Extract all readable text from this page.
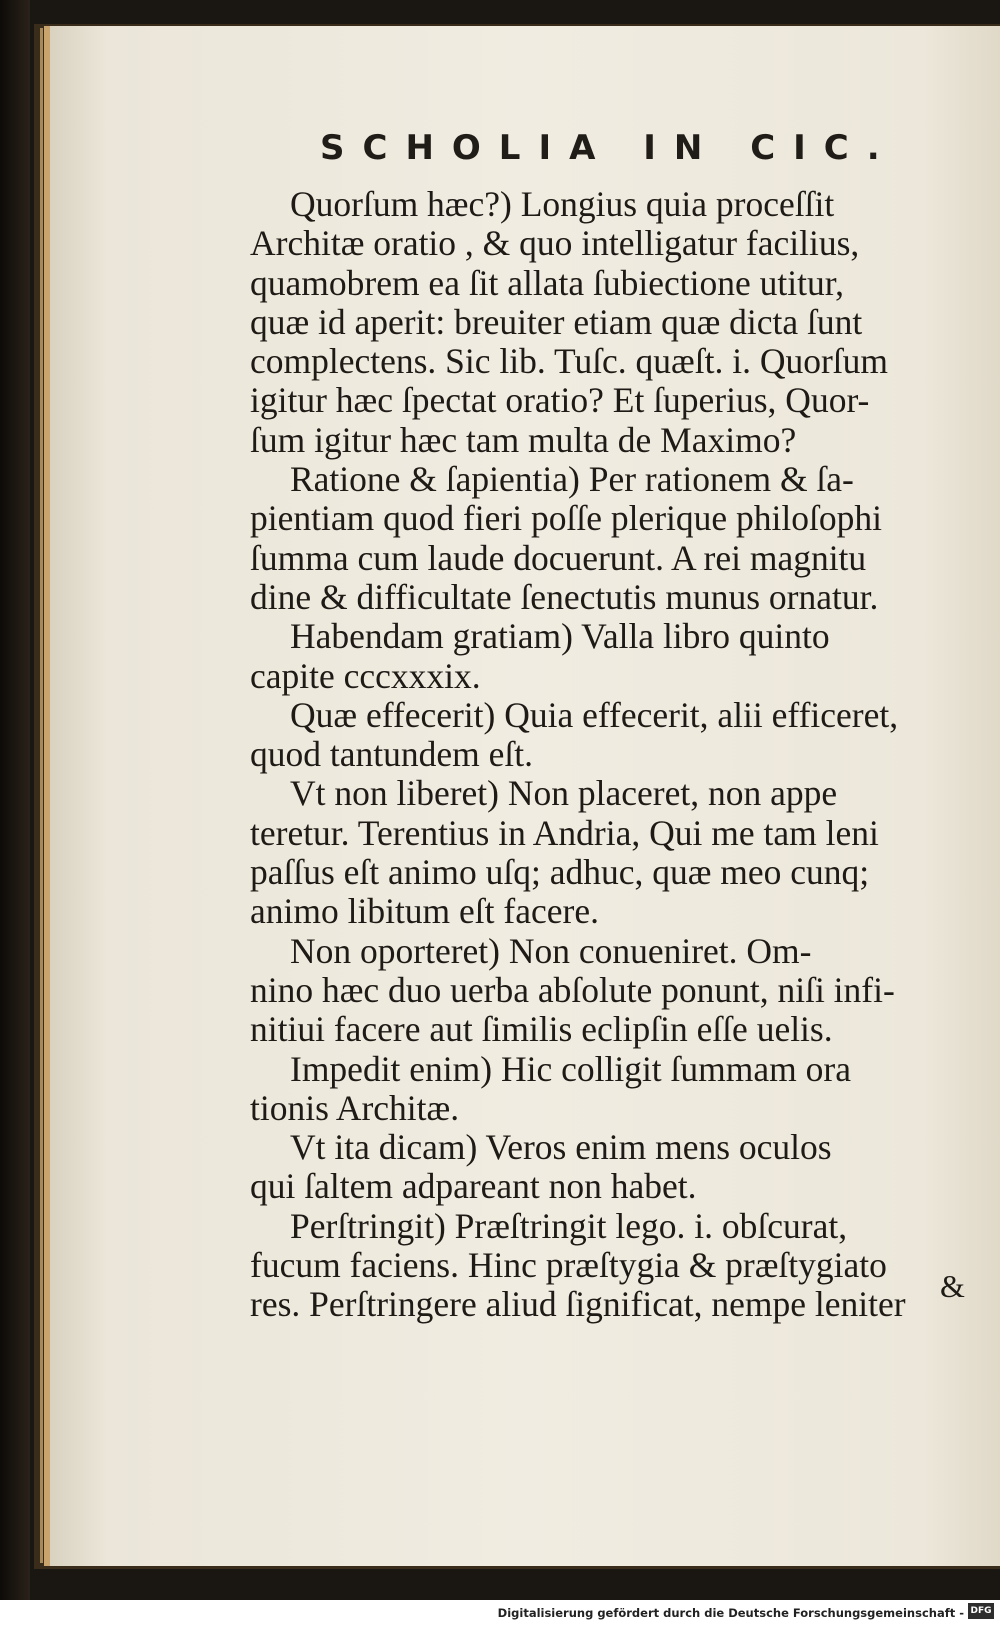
SCHOLIA IN CIC.
Quorſum hæc?) Longius quia proceſſit
Architæ oratio , & quo intelligatur facilius,
quamobrem ea ſit allata ſubiectione utitur,
quæ id aperit: breuiter etiam quæ dicta ſunt
complectens. Sic lib. Tuſc. quæſt. i. Quorſum
igitur hæc ſpectat oratio? Et ſuperius, Quor-
ſum igitur hæc tam multa de Maximo?
Ratione & ſapientia) Per rationem & ſa-
pientiam quod fieri poſſe plerique philoſophi
ſumma cum laude docuerunt. A rei magnitu
dine & difficultate ſenectutis munus ornatur.
Habendam gratiam) Valla libro quinto
capite cccxxxix.
Quæ effecerit) Quia effecerit, alii efficeret,
quod tantundem eſt.
Vt non liberet) Non placeret, non appe
teretur. Terentius in Andria, Qui me tam leni
paſſus eſt animo uſq; adhuc, quæ meo cunq;
animo libitum eſt facere.
Non oporteret) Non conueniret. Om-
nino hæc duo uerba abſolute ponunt, niſi infi-
nitiui facere aut ſimilis eclipſin eſſe uelis.
Impedit enim) Hic colligit ſummam ora
tionis Architæ.
Vt ita dicam) Veros enim mens oculos
qui ſaltem adpareant non habet.
Perſtringit) Præſtringit lego. i. obſcurat,
fucum faciens. Hinc præſtygia & præſtygiato
res. Perſtringere aliud ſignificat, nempe leniter	&
Digitalisierung gefördert durch die Deutsche Forschungsgemeinschaft - DFG
